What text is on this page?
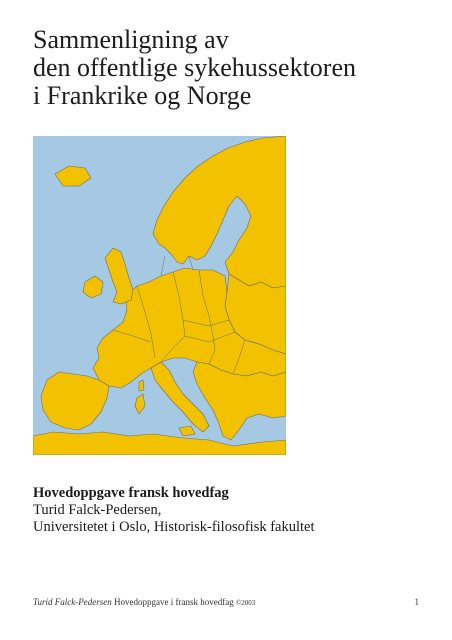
Sammenligning av
den offentlige sykehussektoren
i Frankrike og Norge
Hovedoppgave fransk hovedfag
Turid Falck-Pedersen,
Universitetet i Oslo, Historisk-filosofisk fakultet
Turid Falck-Pedersen Hovedoppgave i fransk hovedfag ©2003	1
